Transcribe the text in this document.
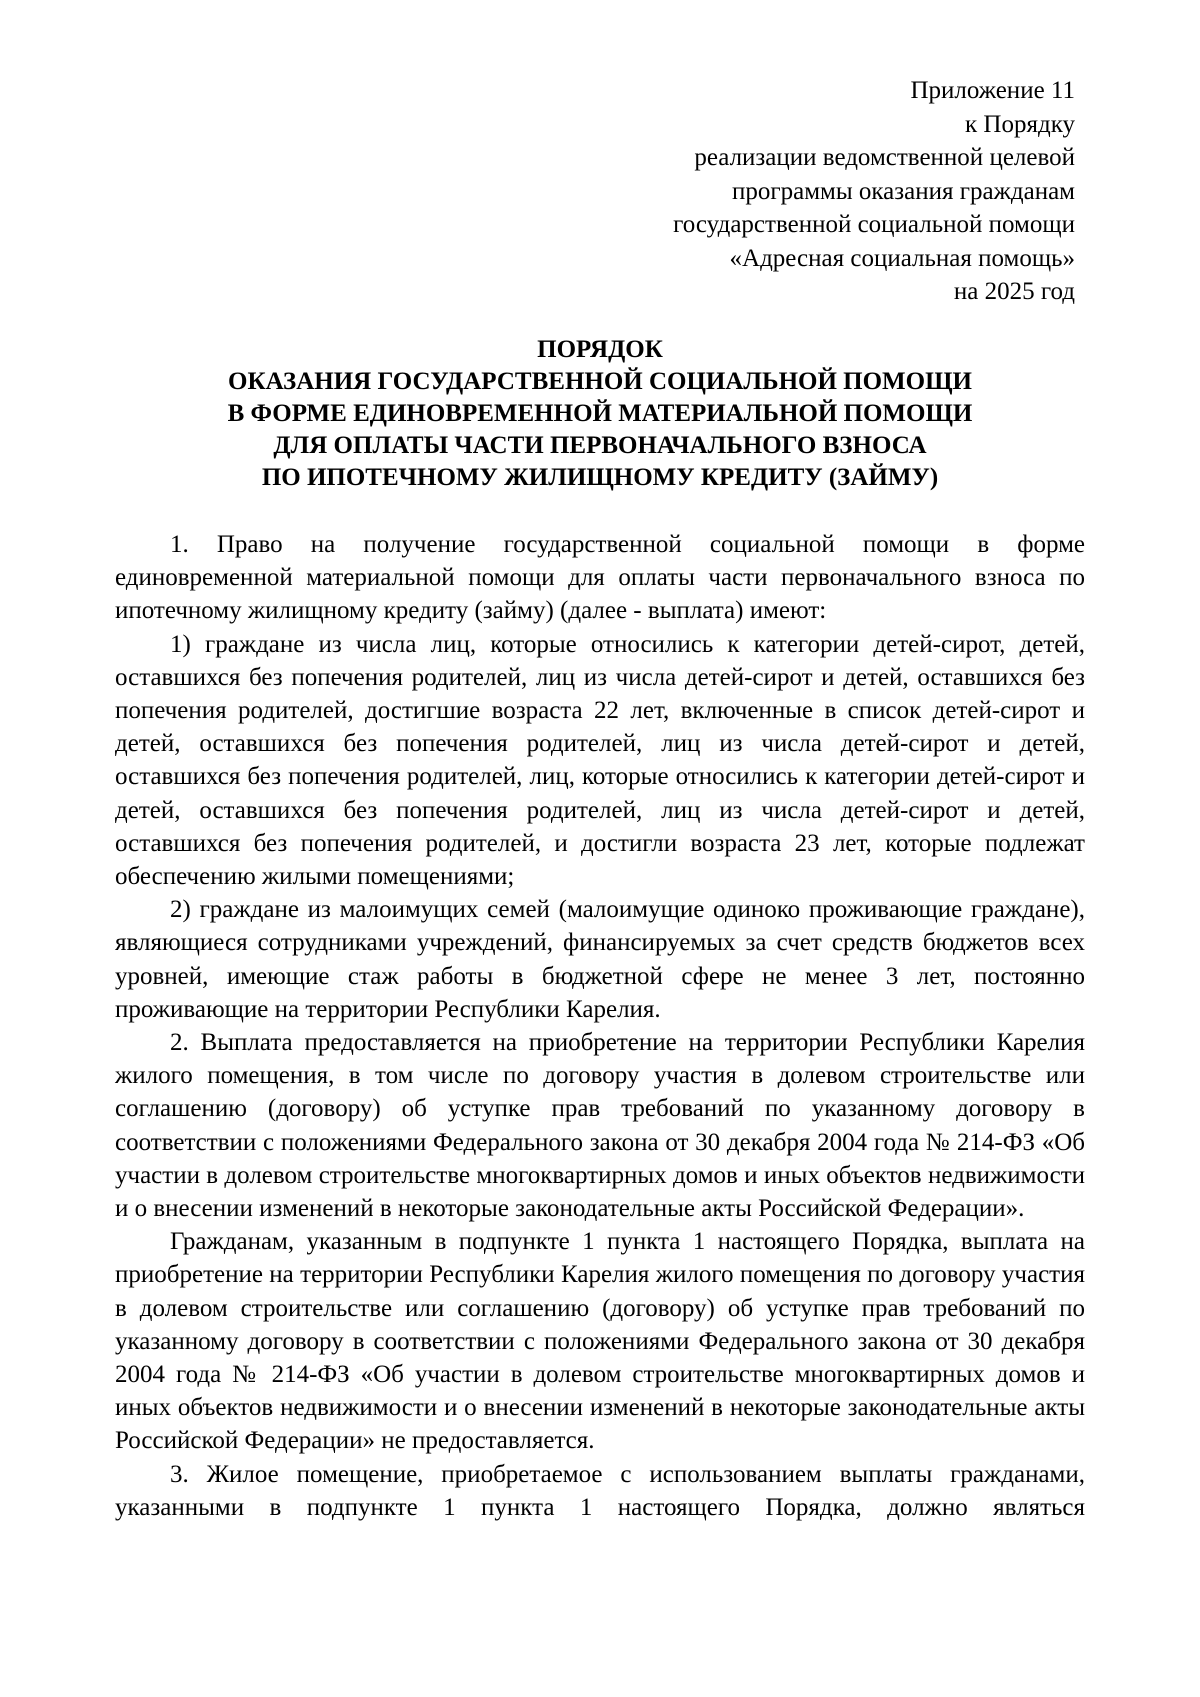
Приложение 11
к Порядку
реализации ведомственной целевой
программы оказания гражданам
государственной социальной помощи
«Адресная социальная помощь»
на 2025 год
ПОРЯДОК
ОКАЗАНИЯ ГОСУДАРСТВЕННОЙ СОЦИАЛЬНОЙ ПОМОЩИ
В ФОРМЕ ЕДИНОВРЕМЕННОЙ МАТЕРИАЛЬНОЙ ПОМОЩИ
ДЛЯ ОПЛАТЫ ЧАСТИ ПЕРВОНАЧАЛЬНОГО ВЗНОСА
ПО ИПОТЕЧНОМУ ЖИЛИЩНОМУ КРЕДИТУ (ЗАЙМУ)

1. Право на получение государственной социальной помощи в форме единовременной материальной помощи для оплаты части первоначального взноса по ипотечному жилищному кредиту (займу) (далее - выплата) имеют:

1) граждане из числа лиц, которые относились к категории детей-сирот, детей, оставшихся без попечения родителей, лиц из числа детей-сирот и детей, оставшихся без попечения родителей, достигшие возраста 22 лет, включенные в список детей-сирот и детей, оставшихся без попечения родителей, лиц из числа детей-сирот и детей, оставшихся без попечения родителей, лиц, которые относились к категории детей-сирот и детей, оставшихся без попечения родителей, лиц из числа детей-сирот и детей, оставшихся без попечения родителей, и достигли возраста 23 лет, которые подлежат обеспечению жилыми помещениями;

2) граждане из малоимущих семей (малоимущие одиноко проживающие граждане), являющиеся сотрудниками учреждений, финансируемых за счет средств бюджетов всех уровней, имеющие стаж работы в бюджетной сфере не менее 3 лет, постоянно проживающие на территории Республики Карелия.

2. Выплата предоставляется на приобретение на территории Республики Карелия жилого помещения, в том числе по договору участия в долевом строительстве или соглашению (договору) об уступке прав требований по указанному договору в соответствии с положениями Федерального закона от 30 декабря 2004 года № 214-ФЗ «Об участии в долевом строительстве многоквартирных домов и иных объектов недвижимости и о внесении изменений в некоторые законодательные акты Российской Федерации».

Гражданам, указанным в подпункте 1 пункта 1 настоящего Порядка, выплата на приобретение на территории Республики Карелия жилого помещения по договору участия в долевом строительстве или соглашению (договору) об уступке прав требований по указанному договору в соответствии с положениями Федерального закона от 30 декабря 2004 года № 214-ФЗ «Об участии в долевом строительстве многоквартирных домов и иных объектов недвижимости и о внесении изменений в некоторые законодательные акты Российской Федерации» не предоставляется.

3. Жилое помещение, приобретаемое с использованием выплаты гражданами, указанными в подпункте 1 пункта 1 настоящего Порядка, должно являться
